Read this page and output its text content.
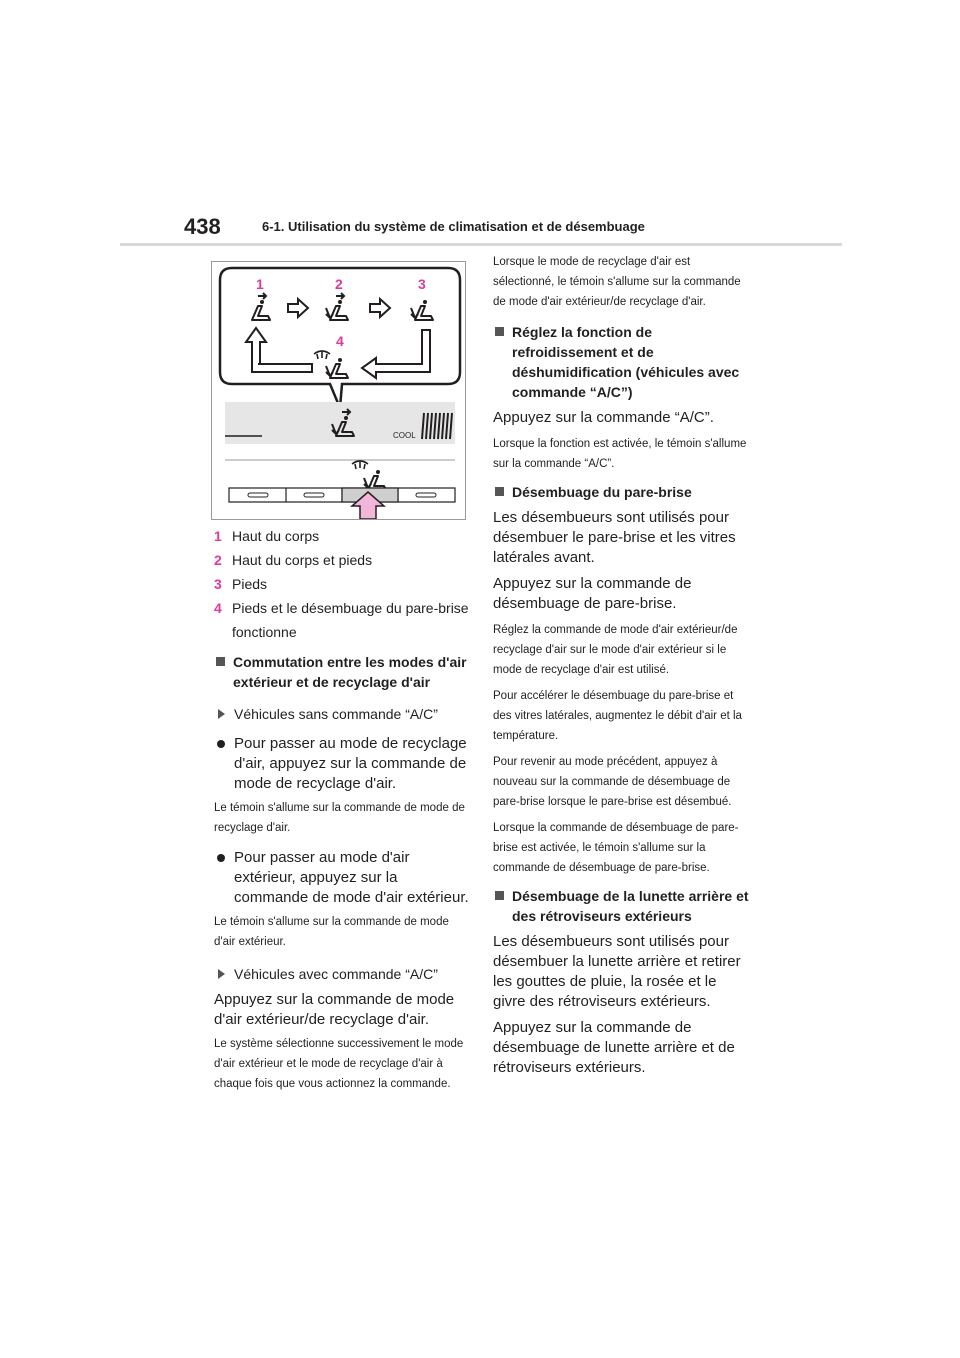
438	6-1. Utilisation du système de climatisation et de désembuage
1	2	3
4
COOL
1 Haut du corps
2 Haut du corps et pieds
3 Pieds
4 Pieds et le désembuage du pare-brise fonctionne
Commutation entre les modes d'air extérieur et de recyclage d'air
Véhicules sans commande “A/C”
Pour passer au mode de recyclage d'air, appuyez sur la commande de mode de recyclage d'air.
Le témoin s'allume sur la commande de mode de recyclage d'air.
Pour passer au mode d'air extérieur, appuyez sur la commande de mode d'air extérieur.
Le témoin s'allume sur la commande de mode d'air extérieur.
Véhicules avec commande “A/C”
Appuyez sur la commande de mode d'air extérieur/de recyclage d'air.
Le système sélectionne successivement le mode d'air extérieur et le mode de recyclage d'air à chaque fois que vous actionnez la commande.
Lorsque le mode de recyclage d'air est sélectionné, le témoin s'allume sur la commande de mode d'air extérieur/de recyclage d'air.
Réglez la fonction de refroidissement et de déshumidification (véhicules avec commande “A/C”)
Appuyez sur la commande “A/C”.
Lorsque la fonction est activée, le témoin s'allume sur la commande “A/C”.
Désembuage du pare-brise
Les désembueurs sont utilisés pour désembuer le pare-brise et les vitres latérales avant.
Appuyez sur la commande de désembuage de pare-brise.
Réglez la commande de mode d'air extérieur/de recyclage d'air sur le mode d'air extérieur si le mode de recyclage d'air est utilisé.
Pour accélérer le désembuage du pare-brise et des vitres latérales, augmentez le débit d'air et la température.
Pour revenir au mode précédent, appuyez à nouveau sur la commande de désembuage de pare-brise lorsque le pare-brise est désembué.
Lorsque la commande de désembuage de pare-brise est activée, le témoin s'allume sur la commande de désembuage de pare-brise.
Désembuage de la lunette arrière et des rétroviseurs extérieurs
Les désembueurs sont utilisés pour désembuer la lunette arrière et retirer les gouttes de pluie, la rosée et le givre des rétroviseurs extérieurs.
Appuyez sur la commande de désembuage de lunette arrière et de rétroviseurs extérieurs.
